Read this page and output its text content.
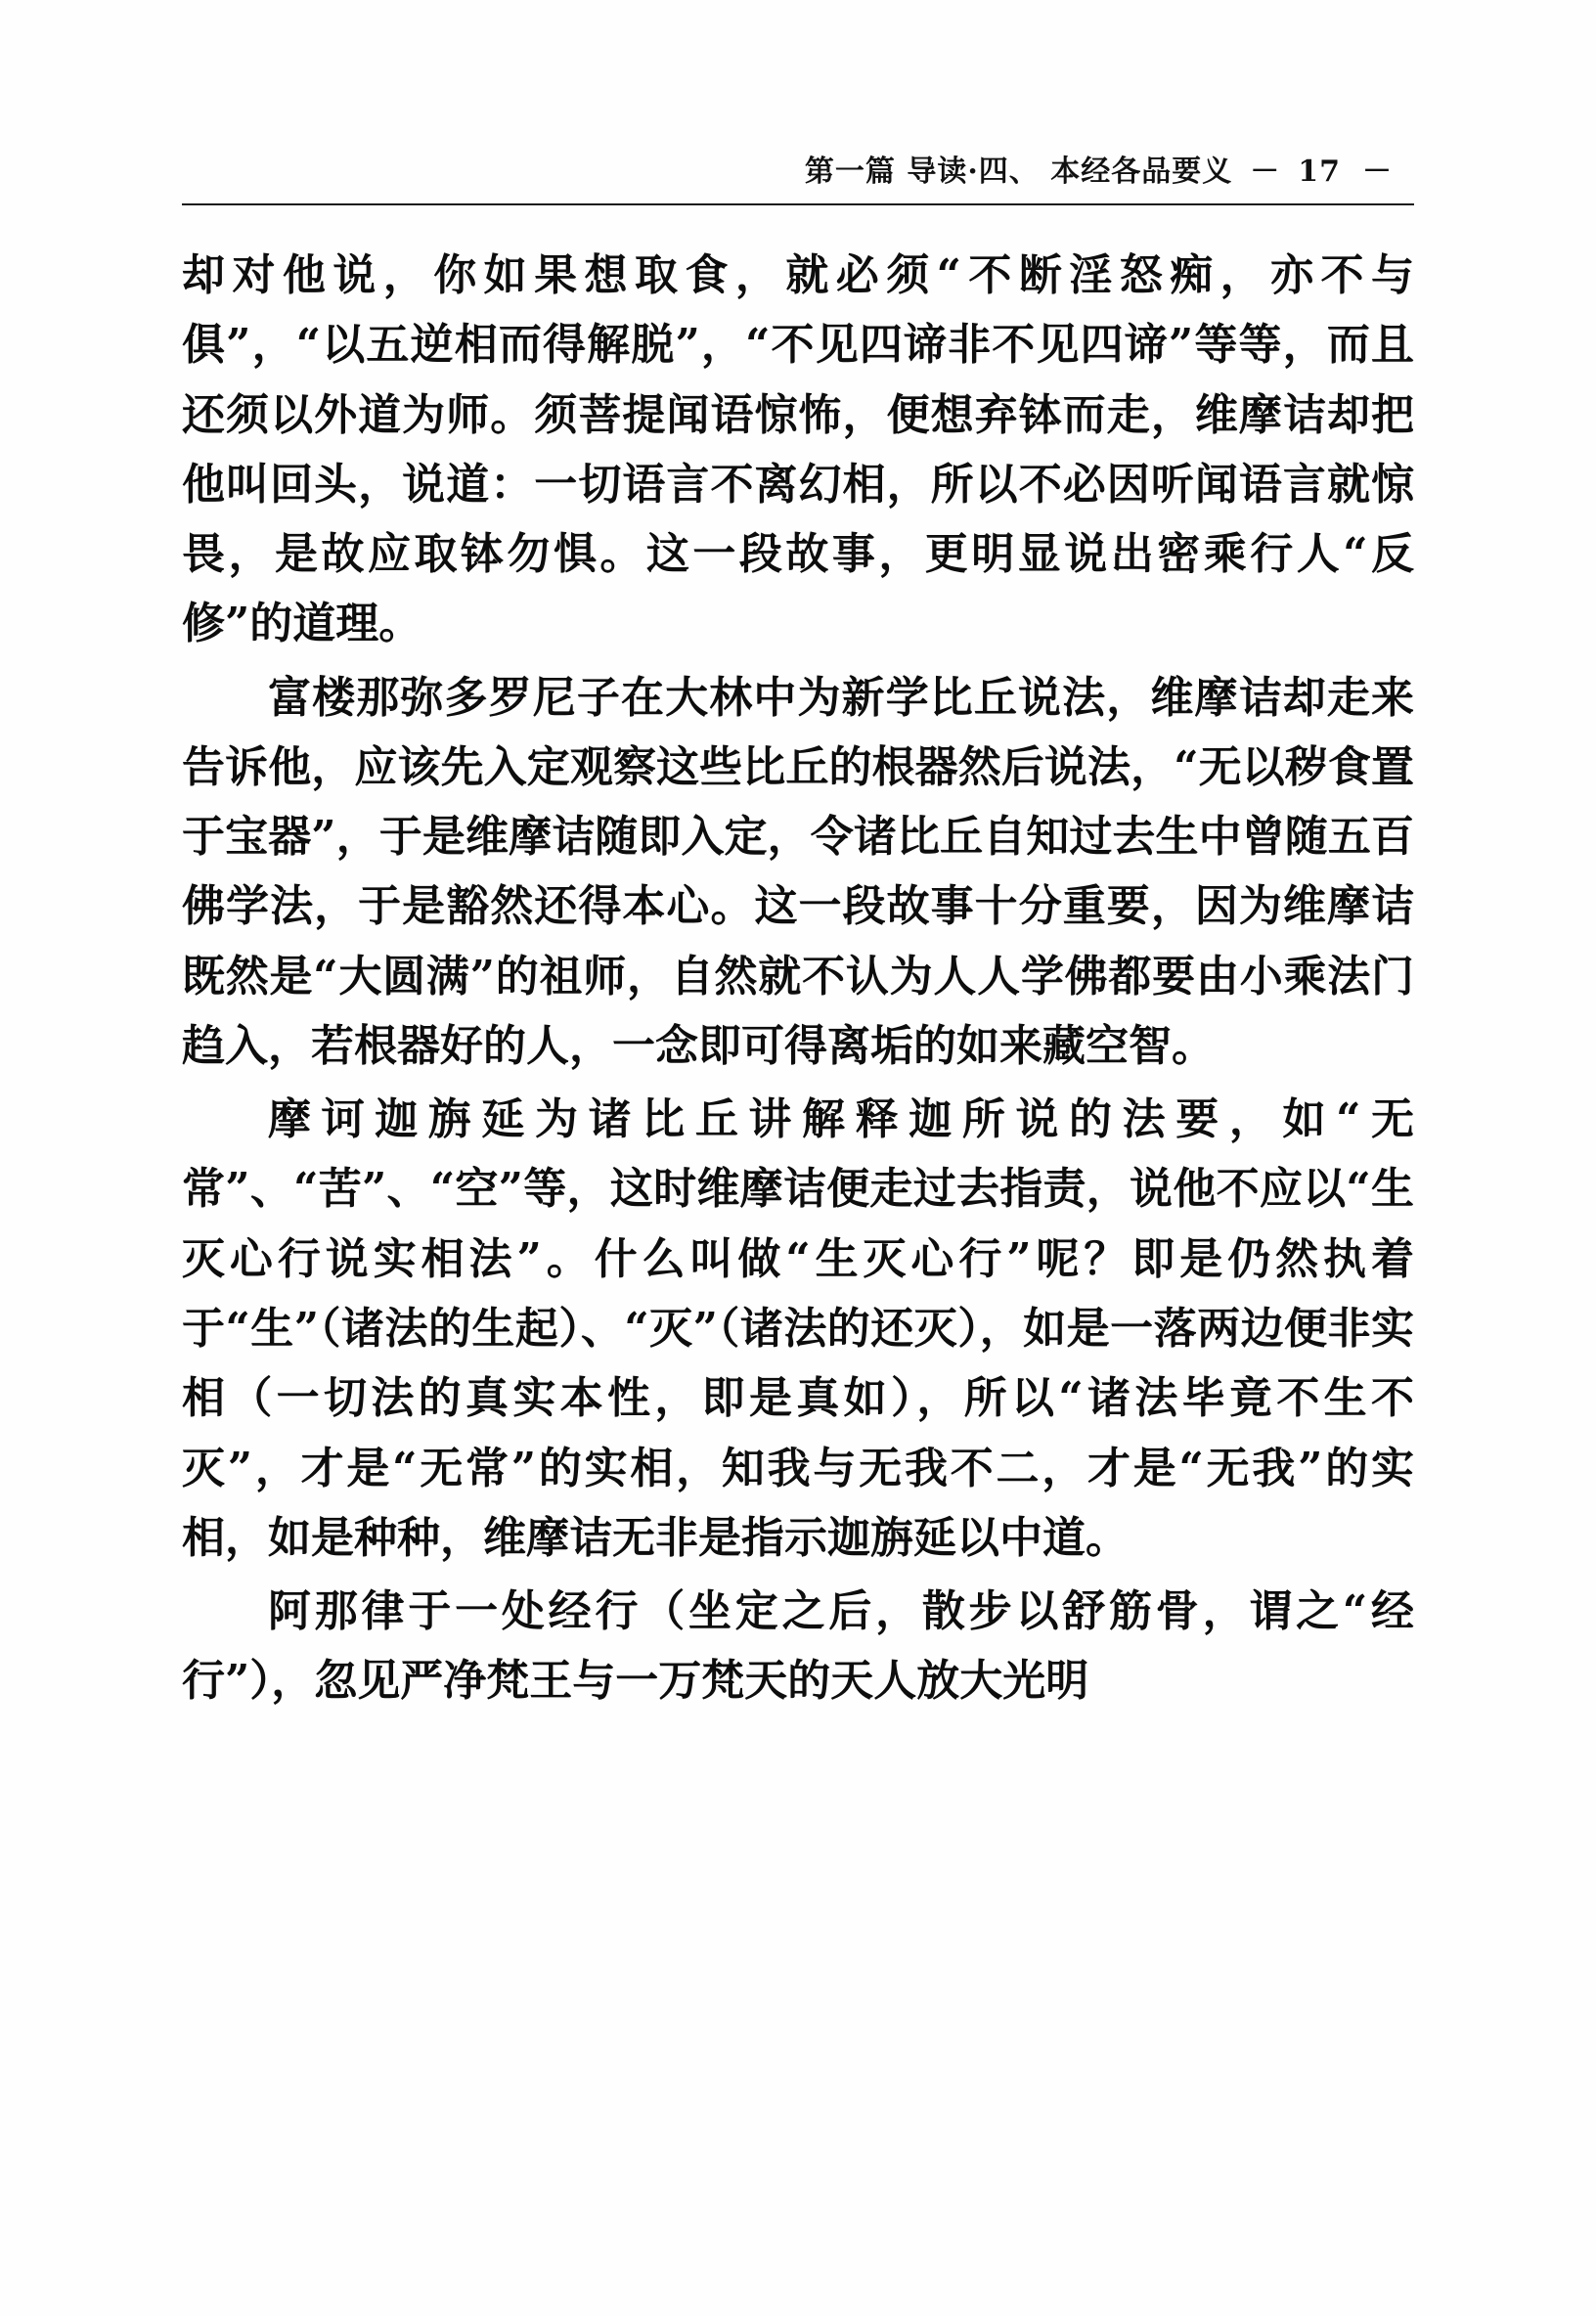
第一篇 导读·四、 本经各品要义 － 17 －

却对他说，你如果想取食，就必须“不断淫怒痴，亦不与俱”，“以五逆相而得解脱”，“不见四谛非不见四谛”等等，而且还须以外道为师。须菩提闻语惊怖，便想弃钵而走，维摩诘却把他叫回头，说道：一切语言不离幻相，所以不必因听闻语言就惊畏，是故应取钵勿惧。这一段故事，更明显说出密乘行人“反修”的道理。

富楼那弥多罗尼子在大林中为新学比丘说法，维摩诘却走来告诉他，应该先入定观察这些比丘的根器然后说法，“无以秽食置于宝器”，于是维摩诘随即入定，令诸比丘自知过去生中曾随五百佛学法，于是豁然还得本心。这一段故事十分重要，因为维摩诘既然是“大圆满”的祖师，自然就不认为人人学佛都要由小乘法门趋入，若根器好的人，一念即可得离垢的如来藏空智。

摩诃迦旃延为诸比丘讲解释迦所说的法要，如“无常”、“苦”、“空”等，这时维摩诘便走过去指责，说他不应以“生灭心行说实相法”。什么叫做“生灭心行”呢？即是仍然执着于“生”（诸法的生起）、“灭”（诸法的还灭），如是一落两边便非实相（一切法的真实本性，即是真如），所以“诸法毕竟不生不灭”，才是“无常”的实相，知我与无我不二，才是“无我”的实相，如是种种，维摩诘无非是指示迦旃延以中道。

阿那律于一处经行（坐定之后，散步以舒筋骨，谓之“经行”），忽见严净梵王与一万梵天的天人放大光明
